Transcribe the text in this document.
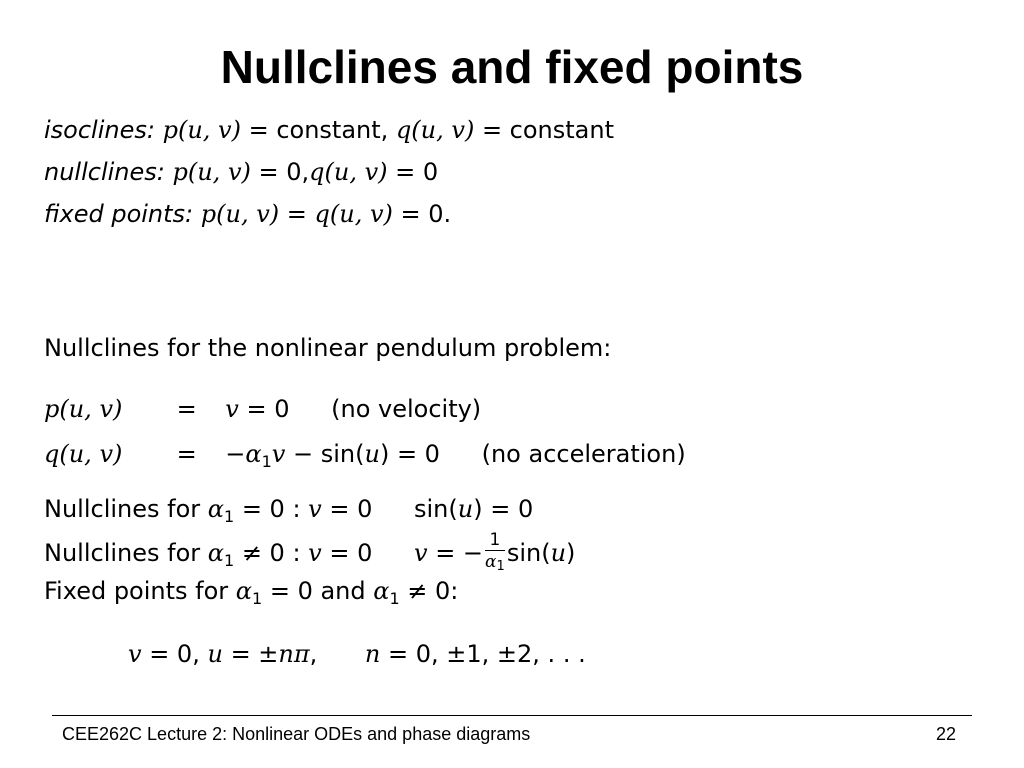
Nullclines and fixed points
isoclines: p(u, v) = constant, q(u, v) = constant
nullclines: p(u, v) = 0,q(u, v) = 0
fixed points: p(u, v) = q(u, v) = 0.
Nullclines for the nonlinear pendulum problem:
p(u, v) = v = 0 (no velocity)
q(u, $v) = -\alpha_1v - \sin(u) = 0$ (no acceleration)
Nullclines for $\alpha_1 = 0$ : v = 0 sin(u) = 0
Nullclines for $\alpha_1 \ne 0$ : v = 0 v = − $\frac{1}{\alpha_1} \sin(u)$
Fixed points for $\alpha_1 = 0$ and $\alpha_1 \ne 0$:
v = 0, u = ±nπ, n = 0, ±1, ±2, . . .
CEE262C Lecture 2: Nonlinear ODEs and phase diagrams	22
